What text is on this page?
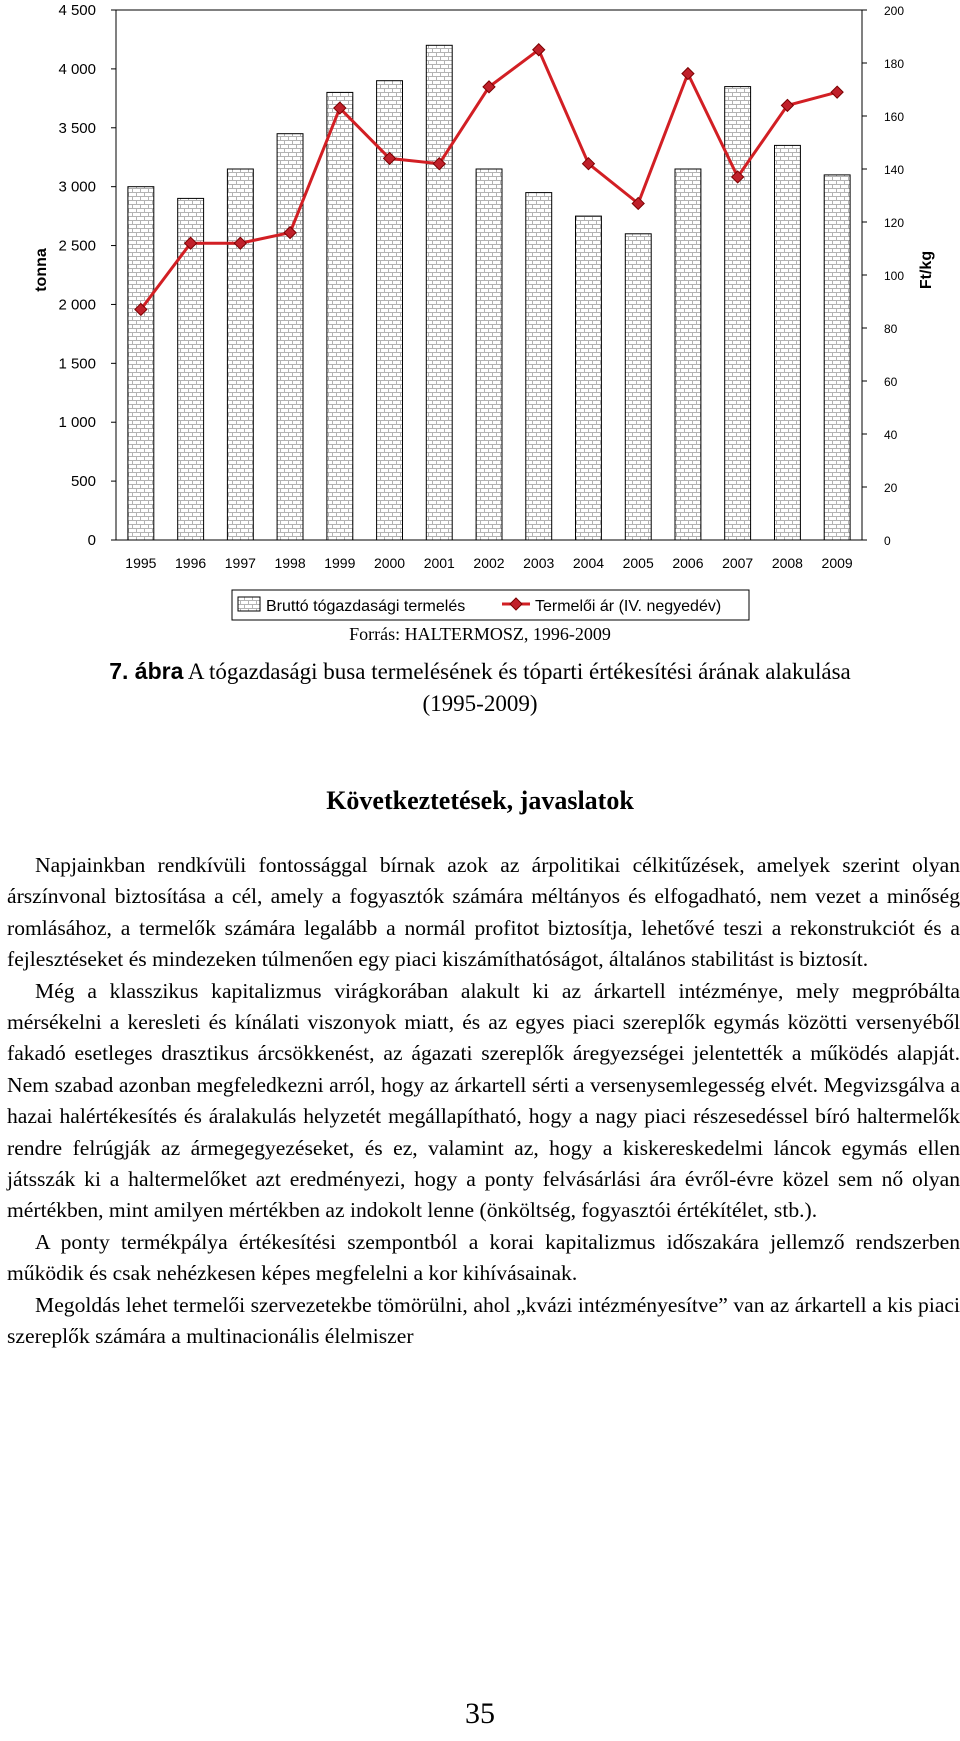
0
500
1 000
1 500
2 000
2 500
3 000
3 500
4 000
4 500
0
20
40
60
80
100
120
140
160
180
200
1995 1996 1997 1998 1999 2000 2001 2002 2003 2004 2005 2006 2007 2008 2009
tonna	Ft/kg
Bruttó tógazdasági termelés	Termelői ár (IV. negyedév)
Forrás: HALTERMOSZ, 1996-2009
7. ábra A tógazdasági busa termelésének és tóparti értékesítési árának alakulása
(1995-2009)
Következtetések, javaslatok

Napjainkban rendkívüli fontossággal bírnak azok az árpolitikai célkitűzések, amelyek szerint olyan árszínvonal biztosítása a cél, amely a fogyasztók számára méltányos és elfogadható, nem vezet a minőség romlásához, a termelők számára legalább a normál profitot biztosítja, lehetővé teszi a rekonstrukciót és a fejlesztéseket és mindezeken túlmenően egy piaci kiszámíthatóságot, általános stabilitást is biztosít.

Még a klasszikus kapitalizmus virágkorában alakult ki az árkartell intézménye, mely megpróbálta mérsékelni a keresleti és kínálati viszonyok miatt, és az egyes piaci szereplők egymás közötti versenyéből fakadó esetleges drasztikus árcsökkenést, az ágazati szereplők áregyezségei jelentették a működés alapját. Nem szabad azonban megfeledkezni arról, hogy az árkartell sérti a versenysemlegesség elvét. Megvizsgálva a hazai halértékesítés és áralakulás helyzetét megállapítható, hogy a nagy piaci részesedéssel bíró haltermelők rendre felrúgják az ármegegyezéseket, és ez, valamint az, hogy a kiskereskedelmi láncok egymás ellen játsszák ki a haltermelőket azt eredményezi, hogy a ponty felvásárlási ára évről-évre közel sem nő olyan mértékben, mint amilyen mértékben az indokolt lenne (önköltség, fogyasztói értékítélet, stb.).

A ponty termékpálya értékesítési szempontból a korai kapitalizmus időszakára jellemző rendszerben működik és csak nehézkesen képes megfelelni a kor kihívásainak.

Megoldás lehet termelői szervezetekbe tömörülni, ahol „kvázi intézményesítve” van az árkartell a kis piaci szereplők számára a multinacionális élelmiszer

35
